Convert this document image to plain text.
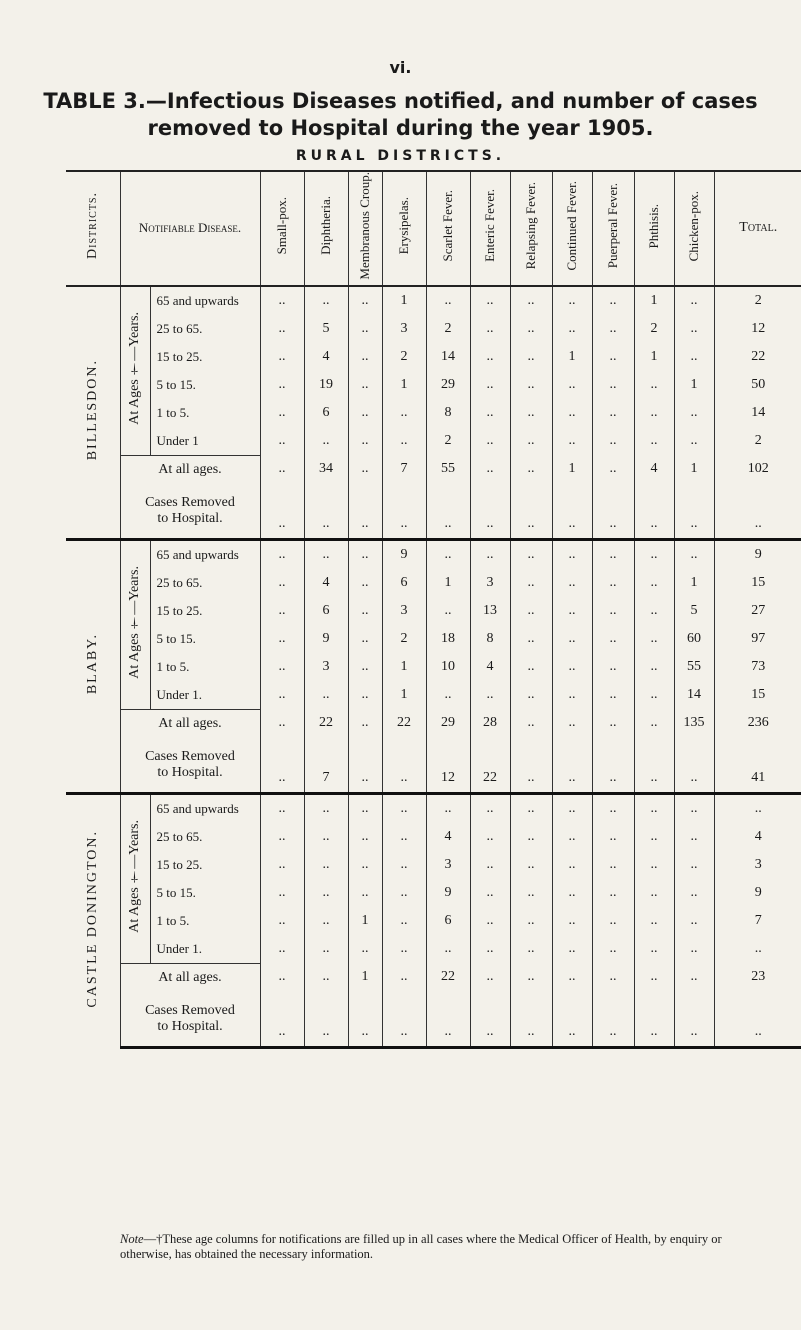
vi.
TABLE 3.—Infectious Diseases notified, and number of cases
removed to Hospital during the year 1905.
RURAL DISTRICTS.
Districts.	Notifiable Disease.		Small-pox.	Diphtheria.	Membranous Croup.	Erysipelas.	Scarlet Fever.	Enteric Fever.	Relapsing Fever.	Continued Fever.	Puerperal Fever.	Phthisis.	Chicken-pox.	Total.
BILLESDON.	At Ages †—Years.	65 and upwards	..	..	..	1	..	..	..	..	..	1	..	2
		25 to 65.	..	5	..	3	2	..	..	..	..	2	..	12
		15 to 25.	..	4	..	2	14	..	..	1	..	1	..	22
		5 to 15.	..	19	..	1	29	..	..	..	..	..	1	50
		1 to 5.	..	6	..	..	8	..	..	..	..	..	..	14
		Under 1	..	..	..	..	2	..	..	..	..	..	..	2
	At all ages.		..	34	..	7	55	..	..	1	..	4	1	102

	Cases Removed
to Hospital.		..	..	..	..	..	..	..	..	..	..	..	..
BLABY.	At Ages †—Years.	65 and upwards	..	..	..	9	..	..	..	..	..	..	..	9
		25 to 65.	..	4	..	6	1	3	..	..	..	..	1	15
		15 to 25.	..	6	..	3	..	13	..	..	..	..	5	27
		5 to 15.	..	9	..	2	18	8	..	..	..	..	60	97
		1 to 5.	..	3	..	1	10	4	..	..	..	..	55	73
		Under 1.	..	..	..	1	..	..	..	..	..	..	14	15
	At all ages.		..	22	..	22	29	28	..	..	..	..	135	236

	Cases Removed
to Hospital.		..	7	..	..	12	22	..	..	..	..	..	41
CASTLE DONINGTON.	At Ages †—Years.	65 and upwards	..	..	..	..	..	..	..	..	..	..	..	..
		25 to 65.	..	..	..	..	4	..	..	..	..	..	..	4
		15 to 25.	..	..	..	..	3	..	..	..	..	..	..	3
		5 to 15.	..	..	..	..	9	..	..	..	..	..	..	9
		1 to 5.	..	..	1	..	6	..	..	..	..	..	..	7
		Under 1.	..	..	..	..	..	..	..	..	..	..	..	..
	At all ages.		..	..	1	..	22	..	..	..	..	..	..	23

	Cases Removed
to Hospital.		..	..	..	..	..	..	..	..	..	..	..	..
Note—†These age columns for notifications are filled up in all cases where the Medical Officer of Health, by enquiry or otherwise, has obtained the necessary information.
